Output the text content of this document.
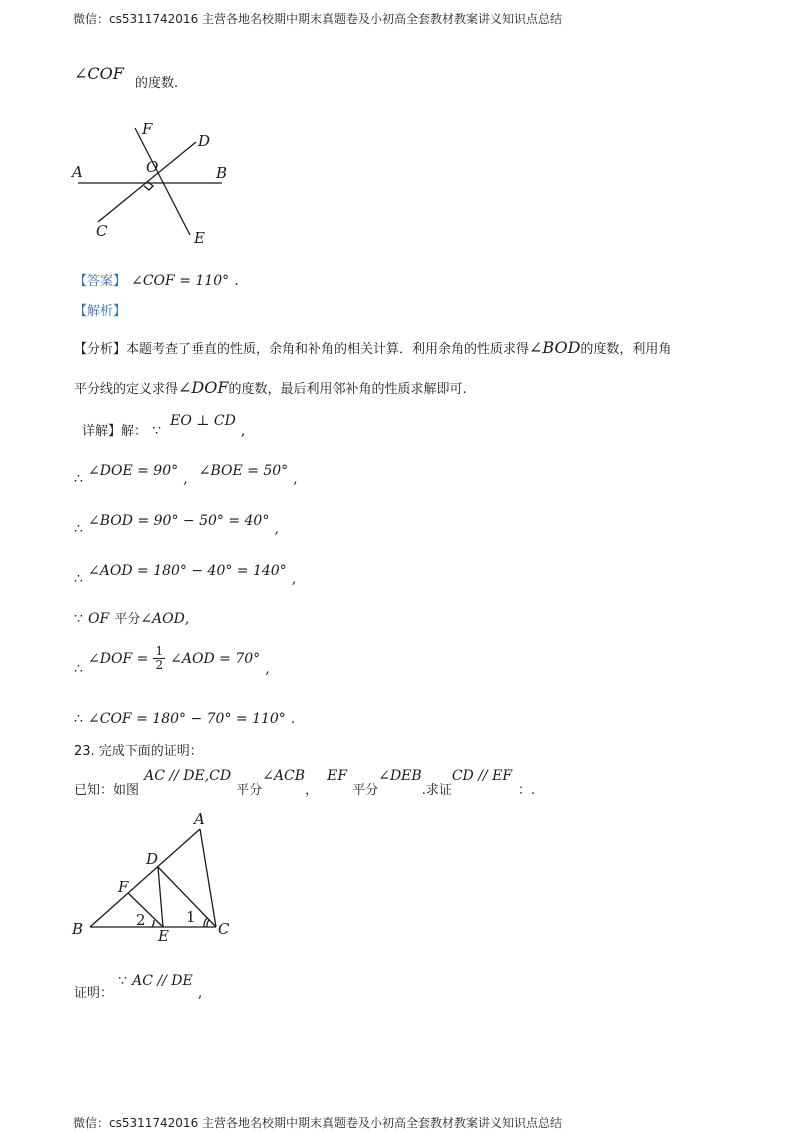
微信：cs5311742016 主营各地名校期中期末真题卷及小初高全套教材教案讲义知识点总结
∠COF $_{的度数.}$
F
D
O
A	B
C	E
【答案】 ∠COF = 110° .
【解析】
【分析】本题考查了垂直的性质，余角和补角的相关计算．利用余角的性质求得∠BOD的度数，利用角
平分线的定义求得∠DOF的度数，最后利用邻补角的性质求解即可.
$_{详解】解:}$ ∵ EO ⊥ CD ,
∴ ∠DOE = 90° , ∠BOE = 50° ,
∴ ∠BOD = 90° − 50° = 40° ,
∴ ∠AOD = 180° − 40° = 140° ,
∵ OF 平分∠AOD,
∴ ∠DOF = $\frac{1}{2}$ ∠AOD = 70° ,
∴ ∠COF = 180° − 70° = 110° .
23. 完成下面的证明：
$_{已知:如图}$ AC // DE,CD $_{平分}\angle ACB_,$ EF $_{平分}\angle DEB_{.求证}CD // EF_{:.}$
A
D
F
B	E	C
1
2
$_{证明:}$ ∵ AC // DE ,
微信：cs5311742016 主营各地名校期中期末真题卷及小初高全套教材教案讲义知识点总结
